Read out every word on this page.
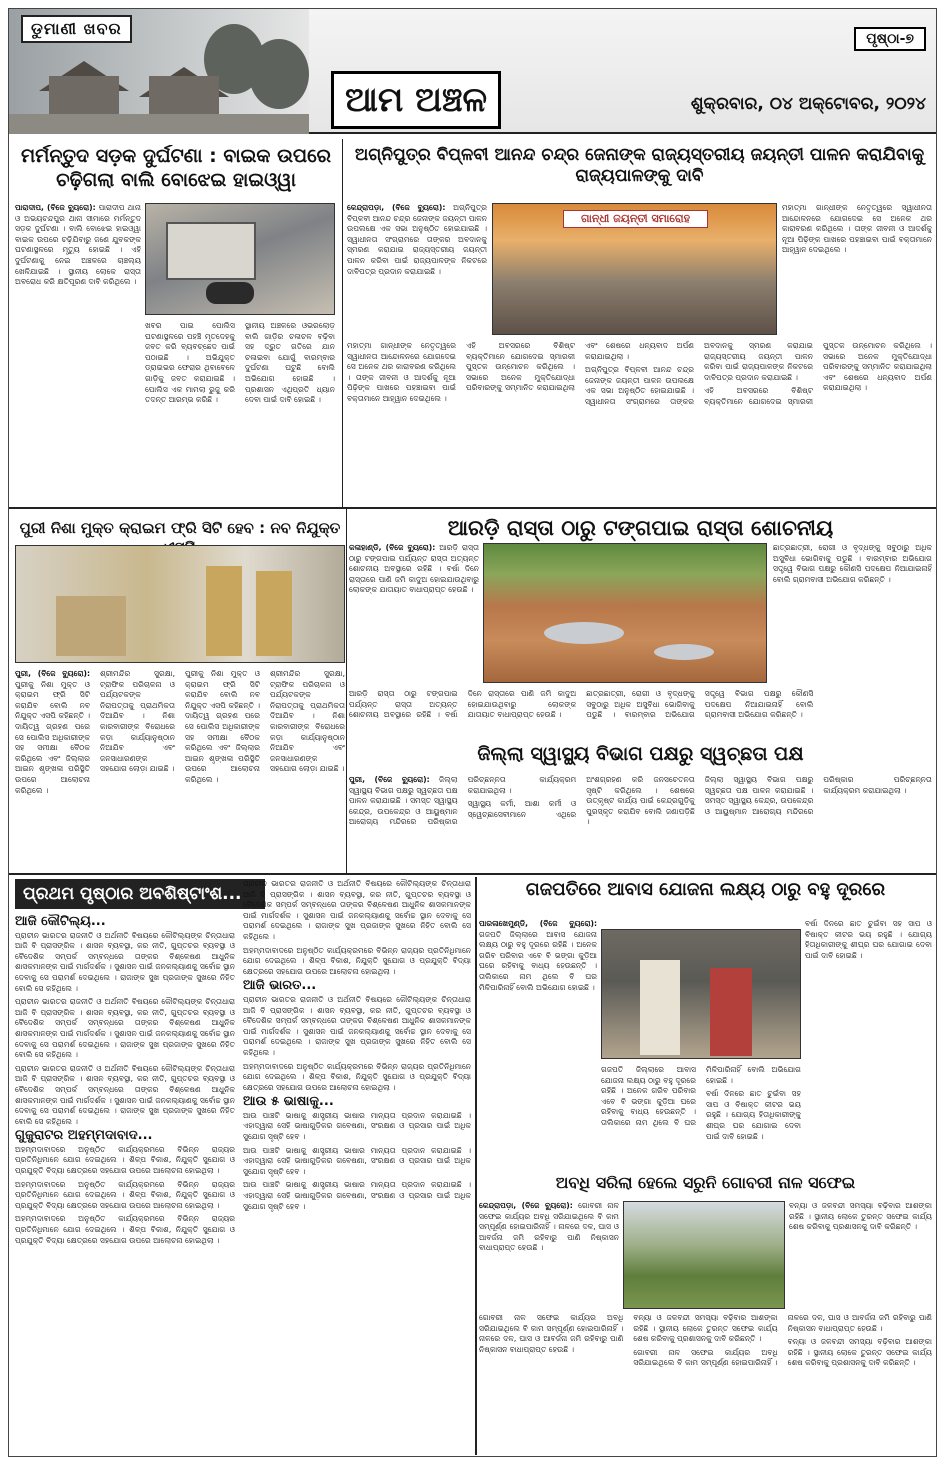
ଡୁମାଣୀ ଖବର
ଆମ ଅଞ୍ଚଳ
ପୃଷ୍ଠା-୭
ଶୁକ୍ରବାର, ୦୪ ଅକ୍ଟୋବର, ୨୦୨୪
ମର୍ମନ୍ତୁଦ ସଡ଼କ ଦୁର୍ଘଟଣା : ବାଇକ ଉପରେ ଚଢ଼ିଗଲା ବାଲି ବୋଝେଇ ହାଇଓ୍ୱା

ପାରାଦୀପ, (ବିଜେ ବ୍ୟୁରୋ): ପାରାଦୀପ ଥାନା ଓ ଅଭୟଚନ୍ଦପୁର ଥାନା ସୀମାରେ ମର୍ମନ୍ତୁଦ ସଡ଼କ ଦୁର୍ଘଟଣା । ବାଲି ବୋଝେଇ ହାଇଓ୍ୱା ବାଇକ ଉପରେ ଚଢ଼ିଯିବାରୁ ଜଣେ ଯୁବକଙ୍କ ଘଟଣାସ୍ଥଳରେ ମୃତ୍ୟୁ ହୋଇଛି । ଏହି ଦୁର୍ଘଟଣାକୁ ନେଇ ଅଞ୍ଚଳରେ ଚାଞ୍ଚଲ୍ୟ ଖେଳିଯାଇଛି । ସ୍ଥାନୀୟ ଲୋକେ ରାସ୍ତା ଅବରୋଧ କରି କ୍ଷତିପୂରଣ ଦାବି କରିଥିଲେ ।

ଖବର ପାଇ ପୋଲିସ ଘଟଣାସ୍ଥଳରେ ପହଞ୍ଚି ମୃତଦେହକୁ ଜବତ କରି ବ୍ୟବଚ୍ଛେଦ ପାଇଁ ପଠାଇଛି । ଅଭିଯୁକ୍ତ ଡ୍ରାଇଭର ଫେରାର ଥିବାବେଳେ ଗାଡ଼ିକୁ ଜବତ କରାଯାଇଛି । ପୋଲିସ ଏକ ମାମଲା ରୁଜୁ କରି ତଦନ୍ତ ଆରମ୍ଭ କରିଛି ।

ସ୍ଥାନୀୟ ଅଞ୍ଚଳରେ ଓଭରଲୋଡ଼ ବାଲି ଗାଡ଼ିର ଚଳାଚଳ ବଢ଼ିବା ସହ ଦ୍ରୁତ ଗତିରେ ଯାନ ଚଳାଇବା ଯୋଗୁଁ ବାରମ୍ବାର ଦୁର୍ଘଟଣା ଘଟୁଛି ବୋଲି ଅଭିଯୋଗ ହୋଇଛି । ପ୍ରଶାସନ ଏଥିପ୍ରତି ଧ୍ୟାନ ଦେବା ପାଇଁ ଦାବି ହୋଇଛି ।

ଅଗ୍ନିପୁତ୍ର ବିପ୍ଳବୀ ଆନନ୍ଦ ଚନ୍ଦ୍ର ଜେନାଙ୍କ ରାଜ୍ୟସ୍ତରୀୟ ଜୟନ୍ତୀ ପାଳନ କରାଯିବାକୁ ରାଜ୍ୟପାଳଙ୍କୁ ଦାବି

କେନ୍ଦ୍ରାପଡ଼ା, (ବିଜେ ବ୍ୟୁରୋ): ଅଗ୍ନିପୁତ୍ର ବିପ୍ଳବୀ ଆନନ୍ଦ ଚନ୍ଦ୍ର ଜେନାଙ୍କ ଜୟନ୍ତୀ ପାଳନ ଉପଲକ୍ଷେ ଏକ ସଭା ଅନୁଷ୍ଠିତ ହୋଇଯାଇଛି । ସ୍ୱାଧୀନତା ସଂଗ୍ରାମରେ ତାଙ୍କର ଅବଦାନକୁ ସ୍ମରଣ କରାଯାଇ ରାଜ୍ୟସ୍ତରୀୟ ଜୟନ୍ତୀ ପାଳନ କରିବା ପାଇଁ ରାଜ୍ୟପାଳଙ୍କ ନିକଟରେ ଦାବିପତ୍ର ପ୍ରଦାନ କରାଯାଇଛି ।

ଗାନ୍ଧୀ ଜୟନ୍ତୀ ସମାରୋହ

ମହାତ୍ମା ଗାନ୍ଧୀଙ୍କ ନେତୃତ୍ୱରେ ସ୍ୱାଧୀନତା ଆନ୍ଦୋଳନରେ ଯୋଗଦେଇ ସେ ଅନେକ ଥର କାରାବରଣ କରିଥିଲେ । ତାଙ୍କ ଜୀବନୀ ଓ ଆଦର୍ଶକୁ ନୂଆ ପିଢ଼ିଙ୍କ ପାଖରେ ପହଞ୍ଚାଇବା ପାଇଁ ବକ୍ତାମାନେ ଆହ୍ୱାନ ଦେଇଥିଲେ ।

ମହାତ୍ମା ଗାନ୍ଧୀଙ୍କ ନେତୃତ୍ୱରେ ସ୍ୱାଧୀନତା ଆନ୍ଦୋଳନରେ ଯୋଗଦେଇ ସେ ଅନେକ ଥର କାରାବରଣ କରିଥିଲେ । ତାଙ୍କ ଜୀବନୀ ଓ ଆଦର୍ଶକୁ ନୂଆ ପିଢ଼ିଙ୍କ ପାଖରେ ପହଞ୍ଚାଇବା ପାଇଁ ବକ୍ତାମାନେ ଆହ୍ୱାନ ଦେଇଥିଲେ ।

ଏହି ଅବସରରେ ବିଶିଷ୍ଟ ବ୍ୟକ୍ତିମାନେ ଯୋଗଦେଇ ସ୍ମାରକୀ ପୁସ୍ତକ ଉନ୍ମୋଚନ କରିଥିଲେ । ସଭାରେ ଅନେକ ମୁକ୍ତିଯୋଦ୍ଧା ପରିବାରଙ୍କୁ ସମ୍ମାନିତ କରାଯାଇଥିଲା ଏବଂ ଶେଷରେ ଧନ୍ୟବାଦ ଅର୍ପଣ କରାଯାଇଥିଲା ।

ଅଗ୍ନିପୁତ୍ର ବିପ୍ଳବୀ ଆନନ୍ଦ ଚନ୍ଦ୍ର ଜେନାଙ୍କ ଜୟନ୍ତୀ ପାଳନ ଉପଲକ୍ଷେ ଏକ ସଭା ଅନୁଷ୍ଠିତ ହୋଇଯାଇଛି । ସ୍ୱାଧୀନତା ସଂଗ୍ରାମରେ ତାଙ୍କର ଅବଦାନକୁ ସ୍ମରଣ କରାଯାଇ ରାଜ୍ୟସ୍ତରୀୟ ଜୟନ୍ତୀ ପାଳନ କରିବା ପାଇଁ ରାଜ୍ୟପାଳଙ୍କ ନିକଟରେ ଦାବିପତ୍ର ପ୍ରଦାନ କରାଯାଇଛି ।

ଏହି ଅବସରରେ ବିଶିଷ୍ଟ ବ୍ୟକ୍ତିମାନେ ଯୋଗଦେଇ ସ୍ମାରକୀ ପୁସ୍ତକ ଉନ୍ମୋଚନ କରିଥିଲେ । ସଭାରେ ଅନେକ ମୁକ୍ତିଯୋଦ୍ଧା ପରିବାରଙ୍କୁ ସମ୍ମାନିତ କରାଯାଇଥିଲା ଏବଂ ଶେଷରେ ଧନ୍ୟବାଦ ଅର୍ପଣ କରାଯାଇଥିଲା ।

ପୁରୀ ନିଶା ମୁକ୍ତ କ୍ରାଇମ ଫ୍ରି ସିଟି ହେବ : ନବ ନିଯୁକ୍ତ

ପୁରୀ, (ବିଜେ ବ୍ୟୁରୋ): ପୁରୀକୁ ନିଶା ମୁକ୍ତ ଓ କ୍ରାଇମ ଫ୍ରି ସିଟି କରାଯିବ ବୋଲି ନବ ନିଯୁକ୍ତ ଏସପି କହିଛନ୍ତି । ଦାୟିତ୍ୱ ଗ୍ରହଣ ପରେ ସେ ପୋଲିସ ଅଧିକାରୀଙ୍କ ସହ ସମୀକ୍ଷା ବୈଠକ କରିଥିଲେ ଏବଂ ଜିଲ୍ଲାର ଆଇନ ଶୃଙ୍ଖଳା ପରିସ୍ଥିତି ଉପରେ ଆଲୋଚନା କରିଥିଲେ ।

ଶ୍ରୀମନ୍ଦିର ସୁରକ୍ଷା, ଟ୍ରାଫିକ ପରିଚାଳନା ଓ ପର୍ଯ୍ୟଟକଙ୍କ ନିରାପତ୍ତାକୁ ପ୍ରାଥମିକତା ଦିଆଯିବ । ନିଶା କାରବାରୀଙ୍କ ବିରୋଧରେ କଡ଼ା କାର୍ଯ୍ୟାନୁଷ୍ଠାନ ନିଆଯିବ ଏବଂ ଜନସାଧାରଣଙ୍କ ସହଯୋଗ ଲୋଡ଼ା ଯାଇଛି ।

ପୁରୀକୁ ନିଶା ମୁକ୍ତ ଓ କ୍ରାଇମ ଫ୍ରି ସିଟି କରାଯିବ ବୋଲି ନବ ନିଯୁକ୍ତ ଏସପି କହିଛନ୍ତି । ଦାୟିତ୍ୱ ଗ୍ରହଣ ପରେ ସେ ପୋଲିସ ଅଧିକାରୀଙ୍କ ସହ ସମୀକ୍ଷା ବୈଠକ କରିଥିଲେ ଏବଂ ଜିଲ୍ଲାର ଆଇନ ଶୃଙ୍ଖଳା ପରିସ୍ଥିତି ଉପରେ ଆଲୋଚନା କରିଥିଲେ ।

ଶ୍ରୀମନ୍ଦିର ସୁରକ୍ଷା, ଟ୍ରାଫିକ ପରିଚାଳନା ଓ ପର୍ଯ୍ୟଟକଙ୍କ ନିରାପତ୍ତାକୁ ପ୍ରାଥମିକତା ଦିଆଯିବ । ନିଶା କାରବାରୀଙ୍କ ବିରୋଧରେ କଡ଼ା କାର୍ଯ୍ୟାନୁଷ୍ଠାନ ନିଆଯିବ ଏବଂ ଜନସାଧାରଣଙ୍କ ସହଯୋଗ ଲୋଡ଼ା ଯାଇଛି ।

ଆରଡ଼ି ରାସ୍ତା ଠାରୁ ଟଙ୍ଗପାଇ ରାସ୍ତା ଶୋଚନୀୟ

କଳାହାଣ୍ଡି, (ବିଜେ ବ୍ୟୁରୋ): ଆରଡ଼ି ରାସ୍ତା ଠାରୁ ଟଙ୍ଗପାଇ ପର୍ଯ୍ୟନ୍ତ ରାସ୍ତା ଅତ୍ୟନ୍ତ ଶୋଚନୀୟ ଅବସ୍ଥାରେ ରହିଛି । ବର୍ଷା ଦିନେ ରାସ୍ତାରେ ପାଣି ଜମି କାଦୁଅ ହୋଇଯାଉଥିବାରୁ ଲୋକଙ୍କ ଯାତାୟାତ ବାଧାପ୍ରାପ୍ତ ହେଉଛି ।

ଛାତ୍ରଛାତ୍ରୀ, ରୋଗୀ ଓ ବୃଦ୍ଧଙ୍କୁ ସବୁଠାରୁ ଅଧିକ ଅସୁବିଧା ଭୋଗିବାକୁ ପଡୁଛି । ବାରମ୍ବାର ଅଭିଯୋଗ ସତ୍ତ୍ୱେ ବିଭାଗ ପକ୍ଷରୁ କୌଣସି ପଦକ୍ଷେପ ନିଆଯାଇନାହିଁ ବୋଲି ଗ୍ରାମବାସୀ ଅଭିଯୋଗ କରିଛନ୍ତି ।

ଆରଡ଼ି ରାସ୍ତା ଠାରୁ ଟଙ୍ଗପାଇ ପର୍ଯ୍ୟନ୍ତ ରାସ୍ତା ଅତ୍ୟନ୍ତ ଶୋଚନୀୟ ଅବସ୍ଥାରେ ରହିଛି । ବର୍ଷା ଦିନେ ରାସ୍ତାରେ ପାଣି ଜମି କାଦୁଅ ହୋଇଯାଉଥିବାରୁ ଲୋକଙ୍କ ଯାତାୟାତ ବାଧାପ୍ରାପ୍ତ ହେଉଛି ।

ଛାତ୍ରଛାତ୍ରୀ, ରୋଗୀ ଓ ବୃଦ୍ଧଙ୍କୁ ସବୁଠାରୁ ଅଧିକ ଅସୁବିଧା ଭୋଗିବାକୁ ପଡୁଛି । ବାରମ୍ବାର ଅଭିଯୋଗ ସତ୍ତ୍ୱେ ବିଭାଗ ପକ୍ଷରୁ କୌଣସି ପଦକ୍ଷେପ ନିଆଯାଇନାହିଁ ବୋଲି ଗ୍ରାମବାସୀ ଅଭିଯୋଗ କରିଛନ୍ତି ।

ଜିଲ୍ଲା ସ୍ୱାସ୍ଥ୍ୟ ବିଭାଗ ପକ୍ଷରୁ ସ୍ୱଚ୍ଛତା ପକ୍ଷ

ପୁରୀ, (ବିଜେ ବ୍ୟୁରୋ): ଜିଲ୍ଲା ସ୍ୱାସ୍ଥ୍ୟ ବିଭାଗ ପକ୍ଷରୁ ସ୍ୱଚ୍ଛତା ପକ୍ଷ ପାଳନ କରାଯାଇଛି । ସମସ୍ତ ସ୍ୱାସ୍ଥ୍ୟ କେନ୍ଦ୍ର, ଉପକେନ୍ଦ୍ର ଓ ଆୟୁଷ୍ମାନ ଆରୋଗ୍ୟ ମନ୍ଦିରରେ ପରିଷ୍କାର ପରିଚ୍ଛନ୍ନତା କାର୍ଯ୍ୟକ୍ରମ କରାଯାଇଥିଲା ।

ସ୍ୱାସ୍ଥ୍ୟ କର୍ମୀ, ଆଶା କର୍ମୀ ଓ ସ୍ୱେଚ୍ଛାସେବୀମାନେ ଏଥିରେ ଅଂଶଗ୍ରହଣ କରି ଜନସଚେତନତା ସୃଷ୍ଟି କରିଥିଲେ । ଶେଷରେ ଉତ୍କୃଷ୍ଟ କାର୍ଯ୍ୟ ପାଇଁ କେନ୍ଦ୍ରଗୁଡ଼ିକୁ ପୁରସ୍କୃତ କରାଯିବ ବୋଲି ଜଣାପଡ଼ିଛି ।

ଜିଲ୍ଲା ସ୍ୱାସ୍ଥ୍ୟ ବିଭାଗ ପକ୍ଷରୁ ସ୍ୱଚ୍ଛତା ପକ୍ଷ ପାଳନ କରାଯାଇଛି । ସମସ୍ତ ସ୍ୱାସ୍ଥ୍ୟ କେନ୍ଦ୍ର, ଉପକେନ୍ଦ୍ର ଓ ଆୟୁଷ୍ମାନ ଆରୋଗ୍ୟ ମନ୍ଦିରରେ ପରିଷ୍କାର ପରିଚ୍ଛନ୍ନତା କାର୍ଯ୍ୟକ୍ରମ କରାଯାଇଥିଲା ।

ପ୍ରଥମ ପୃଷ୍ଠାର ଅବଶିଷ୍ଟାଂଶ...
ଆଜି କୌଟିଲ୍ୟ...

ପ୍ରାଚୀନ ଭାରତର ରାଜନୀତି ଓ ଅର୍ଥନୀତି ବିଷୟରେ କୌଟିଲ୍ୟଙ୍କ ଚିନ୍ତାଧାରା ଆଜି ବି ପ୍ରାସଙ୍ଗିକ । ଶାସନ ବ୍ୟବସ୍ଥା, କର ନୀତି, ଗୁପ୍ତଚର ବ୍ୟବସ୍ଥା ଓ ବୈଦେଶିକ ସମ୍ପର୍କ ସମ୍ବନ୍ଧରେ ତାଙ୍କର ବିଶ୍ଳେଷଣ ଆଧୁନିକ ଶାସକମାନଙ୍କ ପାଇଁ ମାର୍ଗଦର୍ଶକ । ସୁଶାସନ ପାଇଁ ଜନକଲ୍ୟାଣକୁ ସର୍ବୋଚ୍ଚ ସ୍ଥାନ ଦେବାକୁ ସେ ପରାମର୍ଶ ଦେଇଥିଲେ । ରାଜାଙ୍କ ସୁଖ ପ୍ରଜାଙ୍କ ସୁଖରେ ନିହିତ ବୋଲି ସେ କହିଥିଲେ ।

ପ୍ରାଚୀନ ଭାରତର ରାଜନୀତି ଓ ଅର୍ଥନୀତି ବିଷୟରେ କୌଟିଲ୍ୟଙ୍କ ଚିନ୍ତାଧାରା ଆଜି ବି ପ୍ରାସଙ୍ଗିକ । ଶାସନ ବ୍ୟବସ୍ଥା, କର ନୀତି, ଗୁପ୍ତଚର ବ୍ୟବସ୍ଥା ଓ ବୈଦେଶିକ ସମ୍ପର୍କ ସମ୍ବନ୍ଧରେ ତାଙ୍କର ବିଶ୍ଳେଷଣ ଆଧୁନିକ ଶାସକମାନଙ୍କ ପାଇଁ ମାର୍ଗଦର୍ଶକ । ସୁଶାସନ ପାଇଁ ଜନକଲ୍ୟାଣକୁ ସର୍ବୋଚ୍ଚ ସ୍ଥାନ ଦେବାକୁ ସେ ପରାମର୍ଶ ଦେଇଥିଲେ । ରାଜାଙ୍କ ସୁଖ ପ୍ରଜାଙ୍କ ସୁଖରେ ନିହିତ ବୋଲି ସେ କହିଥିଲେ ।

ପ୍ରାଚୀନ ଭାରତର ରାଜନୀତି ଓ ଅର୍ଥନୀତି ବିଷୟରେ କୌଟିଲ୍ୟଙ୍କ ଚିନ୍ତାଧାରା ଆଜି ବି ପ୍ରାସଙ୍ଗିକ । ଶାସନ ବ୍ୟବସ୍ଥା, କର ନୀତି, ଗୁପ୍ତଚର ବ୍ୟବସ୍ଥା ଓ ବୈଦେଶିକ ସମ୍ପର୍କ ସମ୍ବନ୍ଧରେ ତାଙ୍କର ବିଶ୍ଳେଷଣ ଆଧୁନିକ ଶାସକମାନଙ୍କ ପାଇଁ ମାର୍ଗଦର୍ଶକ । ସୁଶାସନ ପାଇଁ ଜନକଲ୍ୟାଣକୁ ସର୍ବୋଚ୍ଚ ସ୍ଥାନ ଦେବାକୁ ସେ ପରାମର୍ଶ ଦେଇଥିଲେ । ରାଜାଙ୍କ ସୁଖ ପ୍ରଜାଙ୍କ ସୁଖରେ ନିହିତ ବୋଲି ସେ କହିଥିଲେ ।

ଗୁଜୁରାଟର ଅହମ୍ମଦାବାଦ...

ଅହମ୍ମଦାବାଦରେ ଅନୁଷ୍ଠିତ କାର୍ଯ୍ୟକ୍ରମରେ ବିଭିନ୍ନ ରାଜ୍ୟର ପ୍ରତିନିଧିମାନେ ଯୋଗ ଦେଇଥିଲେ । ଶିଳ୍ପ ବିକାଶ, ନିଯୁକ୍ତି ସୁଯୋଗ ଓ ପ୍ରଯୁକ୍ତି ବିଦ୍ୟା କ୍ଷେତ୍ରରେ ସହଯୋଗ ଉପରେ ଆଲୋଚନା ହୋଇଥିଲା ।

ଅହମ୍ମଦାବାଦରେ ଅନୁଷ୍ଠିତ କାର୍ଯ୍ୟକ୍ରମରେ ବିଭିନ୍ନ ରାଜ୍ୟର ପ୍ରତିନିଧିମାନେ ଯୋଗ ଦେଇଥିଲେ । ଶିଳ୍ପ ବିକାଶ, ନିଯୁକ୍ତି ସୁଯୋଗ ଓ ପ୍ରଯୁକ୍ତି ବିଦ୍ୟା କ୍ଷେତ୍ରରେ ସହଯୋଗ ଉପରେ ଆଲୋଚନା ହୋଇଥିଲା ।

ଅହମ୍ମଦାବାଦରେ ଅନୁଷ୍ଠିତ କାର୍ଯ୍ୟକ୍ରମରେ ବିଭିନ୍ନ ରାଜ୍ୟର ପ୍ରତିନିଧିମାନେ ଯୋଗ ଦେଇଥିଲେ । ଶିଳ୍ପ ବିକାଶ, ନିଯୁକ୍ତି ସୁଯୋଗ ଓ ପ୍ରଯୁକ୍ତି ବିଦ୍ୟା କ୍ଷେତ୍ରରେ ସହଯୋଗ ଉପରେ ଆଲୋଚନା ହୋଇଥିଲା ।

ପ୍ରାଚୀନ ଭାରତର ରାଜନୀତି ଓ ଅର୍ଥନୀତି ବିଷୟରେ କୌଟିଲ୍ୟଙ୍କ ଚିନ୍ତାଧାରା ଆଜି ବି ପ୍ରାସଙ୍ଗିକ । ଶାସନ ବ୍ୟବସ୍ଥା, କର ନୀତି, ଗୁପ୍ତଚର ବ୍ୟବସ୍ଥା ଓ ବୈଦେଶିକ ସମ୍ପର୍କ ସମ୍ବନ୍ଧରେ ତାଙ୍କର ବିଶ୍ଳେଷଣ ଆଧୁନିକ ଶାସକମାନଙ୍କ ପାଇଁ ମାର୍ଗଦର୍ଶକ । ସୁଶାସନ ପାଇଁ ଜନକଲ୍ୟାଣକୁ ସର୍ବୋଚ୍ଚ ସ୍ଥାନ ଦେବାକୁ ସେ ପରାମର୍ଶ ଦେଇଥିଲେ । ରାଜାଙ୍କ ସୁଖ ପ୍ରଜାଙ୍କ ସୁଖରେ ନିହିତ ବୋଲି ସେ କହିଥିଲେ ।

ଅହମ୍ମଦାବାଦରେ ଅନୁଷ୍ଠିତ କାର୍ଯ୍ୟକ୍ରମରେ ବିଭିନ୍ନ ରାଜ୍ୟର ପ୍ରତିନିଧିମାନେ ଯୋଗ ଦେଇଥିଲେ । ଶିଳ୍ପ ବିକାଶ, ନିଯୁକ୍ତି ସୁଯୋଗ ଓ ପ୍ରଯୁକ୍ତି ବିଦ୍ୟା କ୍ଷେତ୍ରରେ ସହଯୋଗ ଉପରେ ଆଲୋଚନା ହୋଇଥିଲା ।

ଆଜି ଭାରତ...

ପ୍ରାଚୀନ ଭାରତର ରାଜନୀତି ଓ ଅର୍ଥନୀତି ବିଷୟରେ କୌଟିଲ୍ୟଙ୍କ ଚିନ୍ତାଧାରା ଆଜି ବି ପ୍ରାସଙ୍ଗିକ । ଶାସନ ବ୍ୟବସ୍ଥା, କର ନୀତି, ଗୁପ୍ତଚର ବ୍ୟବସ୍ଥା ଓ ବୈଦେଶିକ ସମ୍ପର୍କ ସମ୍ବନ୍ଧରେ ତାଙ୍କର ବିଶ୍ଳେଷଣ ଆଧୁନିକ ଶାସକମାନଙ୍କ ପାଇଁ ମାର୍ଗଦର୍ଶକ । ସୁଶାସନ ପାଇଁ ଜନକଲ୍ୟାଣକୁ ସର୍ବୋଚ୍ଚ ସ୍ଥାନ ଦେବାକୁ ସେ ପରାମର୍ଶ ଦେଇଥିଲେ । ରାଜାଙ୍କ ସୁଖ ପ୍ରଜାଙ୍କ ସୁଖରେ ନିହିତ ବୋଲି ସେ କହିଥିଲେ ।

ଅହମ୍ମଦାବାଦରେ ଅନୁଷ୍ଠିତ କାର୍ଯ୍ୟକ୍ରମରେ ବିଭିନ୍ନ ରାଜ୍ୟର ପ୍ରତିନିଧିମାନେ ଯୋଗ ଦେଇଥିଲେ । ଶିଳ୍ପ ବିକାଶ, ନିଯୁକ୍ତି ସୁଯୋଗ ଓ ପ୍ରଯୁକ୍ତି ବିଦ୍ୟା କ୍ଷେତ୍ରରେ ସହଯୋଗ ଉପରେ ଆଲୋଚନା ହୋଇଥିଲା ।

ଆଉ ୫ ଭାଷାକୁ...

ଆଉ ପାଞ୍ଚଟି ଭାଷାକୁ ଶାସ୍ତ୍ରୀୟ ଭାଷାର ମାନ୍ୟତା ପ୍ରଦାନ କରାଯାଇଛି । ଏହାଦ୍ୱାରା ସେହି ଭାଷାଗୁଡ଼ିକର ଗବେଷଣା, ସଂରକ୍ଷଣ ଓ ପ୍ରସାର ପାଇଁ ଅଧିକ ସୁଯୋଗ ସୃଷ୍ଟି ହେବ ।

ଆଉ ପାଞ୍ଚଟି ଭାଷାକୁ ଶାସ୍ତ୍ରୀୟ ଭାଷାର ମାନ୍ୟତା ପ୍ରଦାନ କରାଯାଇଛି । ଏହାଦ୍ୱାରା ସେହି ଭାଷାଗୁଡ଼ିକର ଗବେଷଣା, ସଂରକ୍ଷଣ ଓ ପ୍ରସାର ପାଇଁ ଅଧିକ ସୁଯୋଗ ସୃଷ୍ଟି ହେବ ।

ଆଉ ପାଞ୍ଚଟି ଭାଷାକୁ ଶାସ୍ତ୍ରୀୟ ଭାଷାର ମାନ୍ୟତା ପ୍ରଦାନ କରାଯାଇଛି । ଏହାଦ୍ୱାରା ସେହି ଭାଷାଗୁଡ଼ିକର ଗବେଷଣା, ସଂରକ୍ଷଣ ଓ ପ୍ରସାର ପାଇଁ ଅଧିକ ସୁଯୋଗ ସୃଷ୍ଟି ହେବ ।

ଗଜପତିରେ ଆବାସ ଯୋଜନା ଲକ୍ଷ୍ୟ ଠାରୁ ବହୁ ଦୂରରେ

ପାରଳାଖେମୁଣ୍ଡି, (ବିଜେ ବ୍ୟୁରୋ): ଗଜପତି ଜିଲ୍ଲାରେ ଆବାସ ଯୋଜନା ଲକ୍ଷ୍ୟ ଠାରୁ ବହୁ ଦୂରରେ ରହିଛି । ଅନେକ ଗରିବ ପରିବାର ଏବେ ବି ଭଙ୍ଗା କୁଡ଼ିଆ ଘରେ ରହିବାକୁ ବାଧ୍ୟ ହେଉଛନ୍ତି । ତାଲିକାରେ ନାମ ଥିଲେ ବି ଘର ମିଳିପାରିନାହିଁ ବୋଲି ଅଭିଯୋଗ ହୋଇଛି ।

ବର୍ଷା ଦିନରେ ଛାତ ଚୁଇଁବା ସହ ସାପ ଓ ବିଷାକ୍ତ କୀଟର ଭୟ ରହୁଛି । ଯୋଗ୍ୟ ହିତାଧିକାରୀଙ୍କୁ ଶୀଘ୍ର ଘର ଯୋଗାଇ ଦେବା ପାଇଁ ଦାବି ହୋଇଛି ।

ଗଜପତି ଜିଲ୍ଲାରେ ଆବାସ ଯୋଜନା ଲକ୍ଷ୍ୟ ଠାରୁ ବହୁ ଦୂରରେ ରହିଛି । ଅନେକ ଗରିବ ପରିବାର ଏବେ ବି ଭଙ୍ଗା କୁଡ଼ିଆ ଘରେ ରହିବାକୁ ବାଧ୍ୟ ହେଉଛନ୍ତି । ତାଲିକାରେ ନାମ ଥିଲେ ବି ଘର ମିଳିପାରିନାହିଁ ବୋଲି ଅଭିଯୋଗ ହୋଇଛି ।

ବର୍ଷା ଦିନରେ ଛାତ ଚୁଇଁବା ସହ ସାପ ଓ ବିଷାକ୍ତ କୀଟର ଭୟ ରହୁଛି । ଯୋଗ୍ୟ ହିତାଧିକାରୀଙ୍କୁ ଶୀଘ୍ର ଘର ଯୋଗାଇ ଦେବା ପାଇଁ ଦାବି ହୋଇଛି ।

ଅବଧି ସରିଲା ହେଲେ ସରୁନି ଗୋବରୀ ନାଳ ସଫେଇ

କେନ୍ଦ୍ରାପଡ଼ା, (ବିଜେ ବ୍ୟୁରୋ): ଗୋବରୀ ନାଳ ସଫେଇ କାର୍ଯ୍ୟର ଅବଧି ସରିଯାଇଥିଲେ ବି କାମ ସମ୍ପୂର୍ଣ୍ଣ ହୋଇପାରିନାହିଁ । ନାଳରେ ଦଳ, ଘାସ ଓ ଆବର୍ଜନା ଜମି ରହିବାରୁ ପାଣି ନିଷ୍କାସନ ବାଧାପ୍ରାପ୍ତ ହେଉଛି ।

ବନ୍ୟା ଓ ଜଳବନ୍ଦୀ ସମସ୍ୟା ବଢ଼ିବାର ଆଶଙ୍କା ରହିଛି । ସ୍ଥାନୀୟ ଲୋକେ ତୁରନ୍ତ ସଫେଇ କାର୍ଯ୍ୟ ଶେଷ କରିବାକୁ ପ୍ରଶାସନକୁ ଦାବି କରିଛନ୍ତି ।

ଗୋବରୀ ନାଳ ସଫେଇ କାର୍ଯ୍ୟର ଅବଧି ସରିଯାଇଥିଲେ ବି କାମ ସମ୍ପୂର୍ଣ୍ଣ ହୋଇପାରିନାହିଁ । ନାଳରେ ଦଳ, ଘାସ ଓ ଆବର୍ଜନା ଜମି ରହିବାରୁ ପାଣି ନିଷ୍କାସନ ବାଧାପ୍ରାପ୍ତ ହେଉଛି ।

ବନ୍ୟା ଓ ଜଳବନ୍ଦୀ ସମସ୍ୟା ବଢ଼ିବାର ଆଶଙ୍କା ରହିଛି । ସ୍ଥାନୀୟ ଲୋକେ ତୁରନ୍ତ ସଫେଇ କାର୍ଯ୍ୟ ଶେଷ କରିବାକୁ ପ୍ରଶାସନକୁ ଦାବି କରିଛନ୍ତି ।

ଗୋବରୀ ନାଳ ସଫେଇ କାର୍ଯ୍ୟର ଅବଧି ସରିଯାଇଥିଲେ ବି କାମ ସମ୍ପୂର୍ଣ୍ଣ ହୋଇପାରିନାହିଁ । ନାଳରେ ଦଳ, ଘାସ ଓ ଆବର୍ଜନା ଜମି ରହିବାରୁ ପାଣି ନିଷ୍କାସନ ବାଧାପ୍ରାପ୍ତ ହେଉଛି ।

ବନ୍ୟା ଓ ଜଳବନ୍ଦୀ ସମସ୍ୟା ବଢ଼ିବାର ଆଶଙ୍କା ରହିଛି । ସ୍ଥାନୀୟ ଲୋକେ ତୁରନ୍ତ ସଫେଇ କାର୍ଯ୍ୟ ଶେଷ କରିବାକୁ ପ୍ରଶାସନକୁ ଦାବି କରିଛନ୍ତି ।
